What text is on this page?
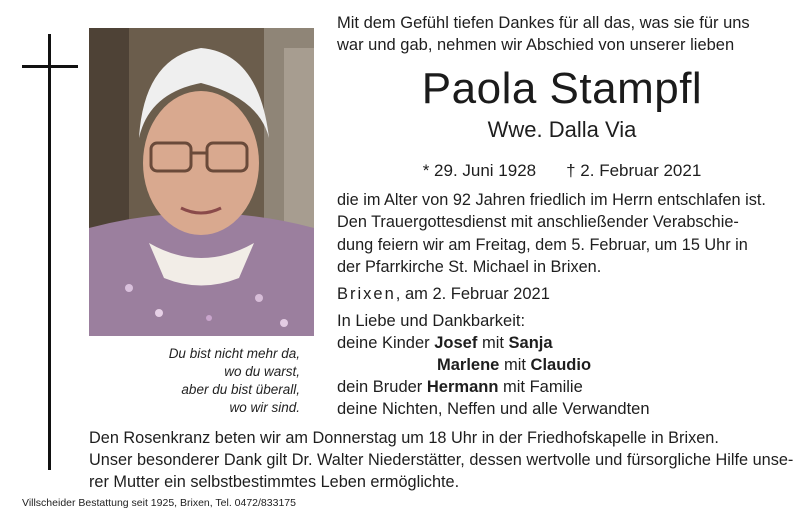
Du bist nicht mehr da,
wo du warst,
aber du bist überall,
wo wir sind.
Mit dem Gefühl tiefen Dankes für all das, was sie für uns
war und gab, nehmen wir Abschied von unserer lieben
Paola Stampfl
Wwe. Dalla Via
* 29. Juni 1928 † 2. Februar 2021
die im Alter von 92 Jahren friedlich im Herrn entschlafen ist.
Den Trauergottesdienst mit anschließender Verabschie-
dung feiern wir am Freitag, dem 5. Februar, um 15 Uhr in
der Pfarrkirche St. Michael in Brixen.
Brixen, am 2. Februar 2021
In Liebe und Dankbarkeit:
deine Kinder Josef mit Sanja
Marlene mit Claudio
dein Bruder Hermann mit Familie
deine Nichten, Neffen und alle Verwandten
Den Rosenkranz beten wir am Donnerstag um 18 Uhr in der Friedhofskapelle in Brixen.
Unser besonderer Dank gilt Dr. Walter Niederstätter, dessen wertvolle und fürsorgliche Hilfe unse-
rer Mutter ein selbstbestimmtes Leben ermöglichte.
Villscheider Bestattung seit 1925, Brixen, Tel. 0472/833175
